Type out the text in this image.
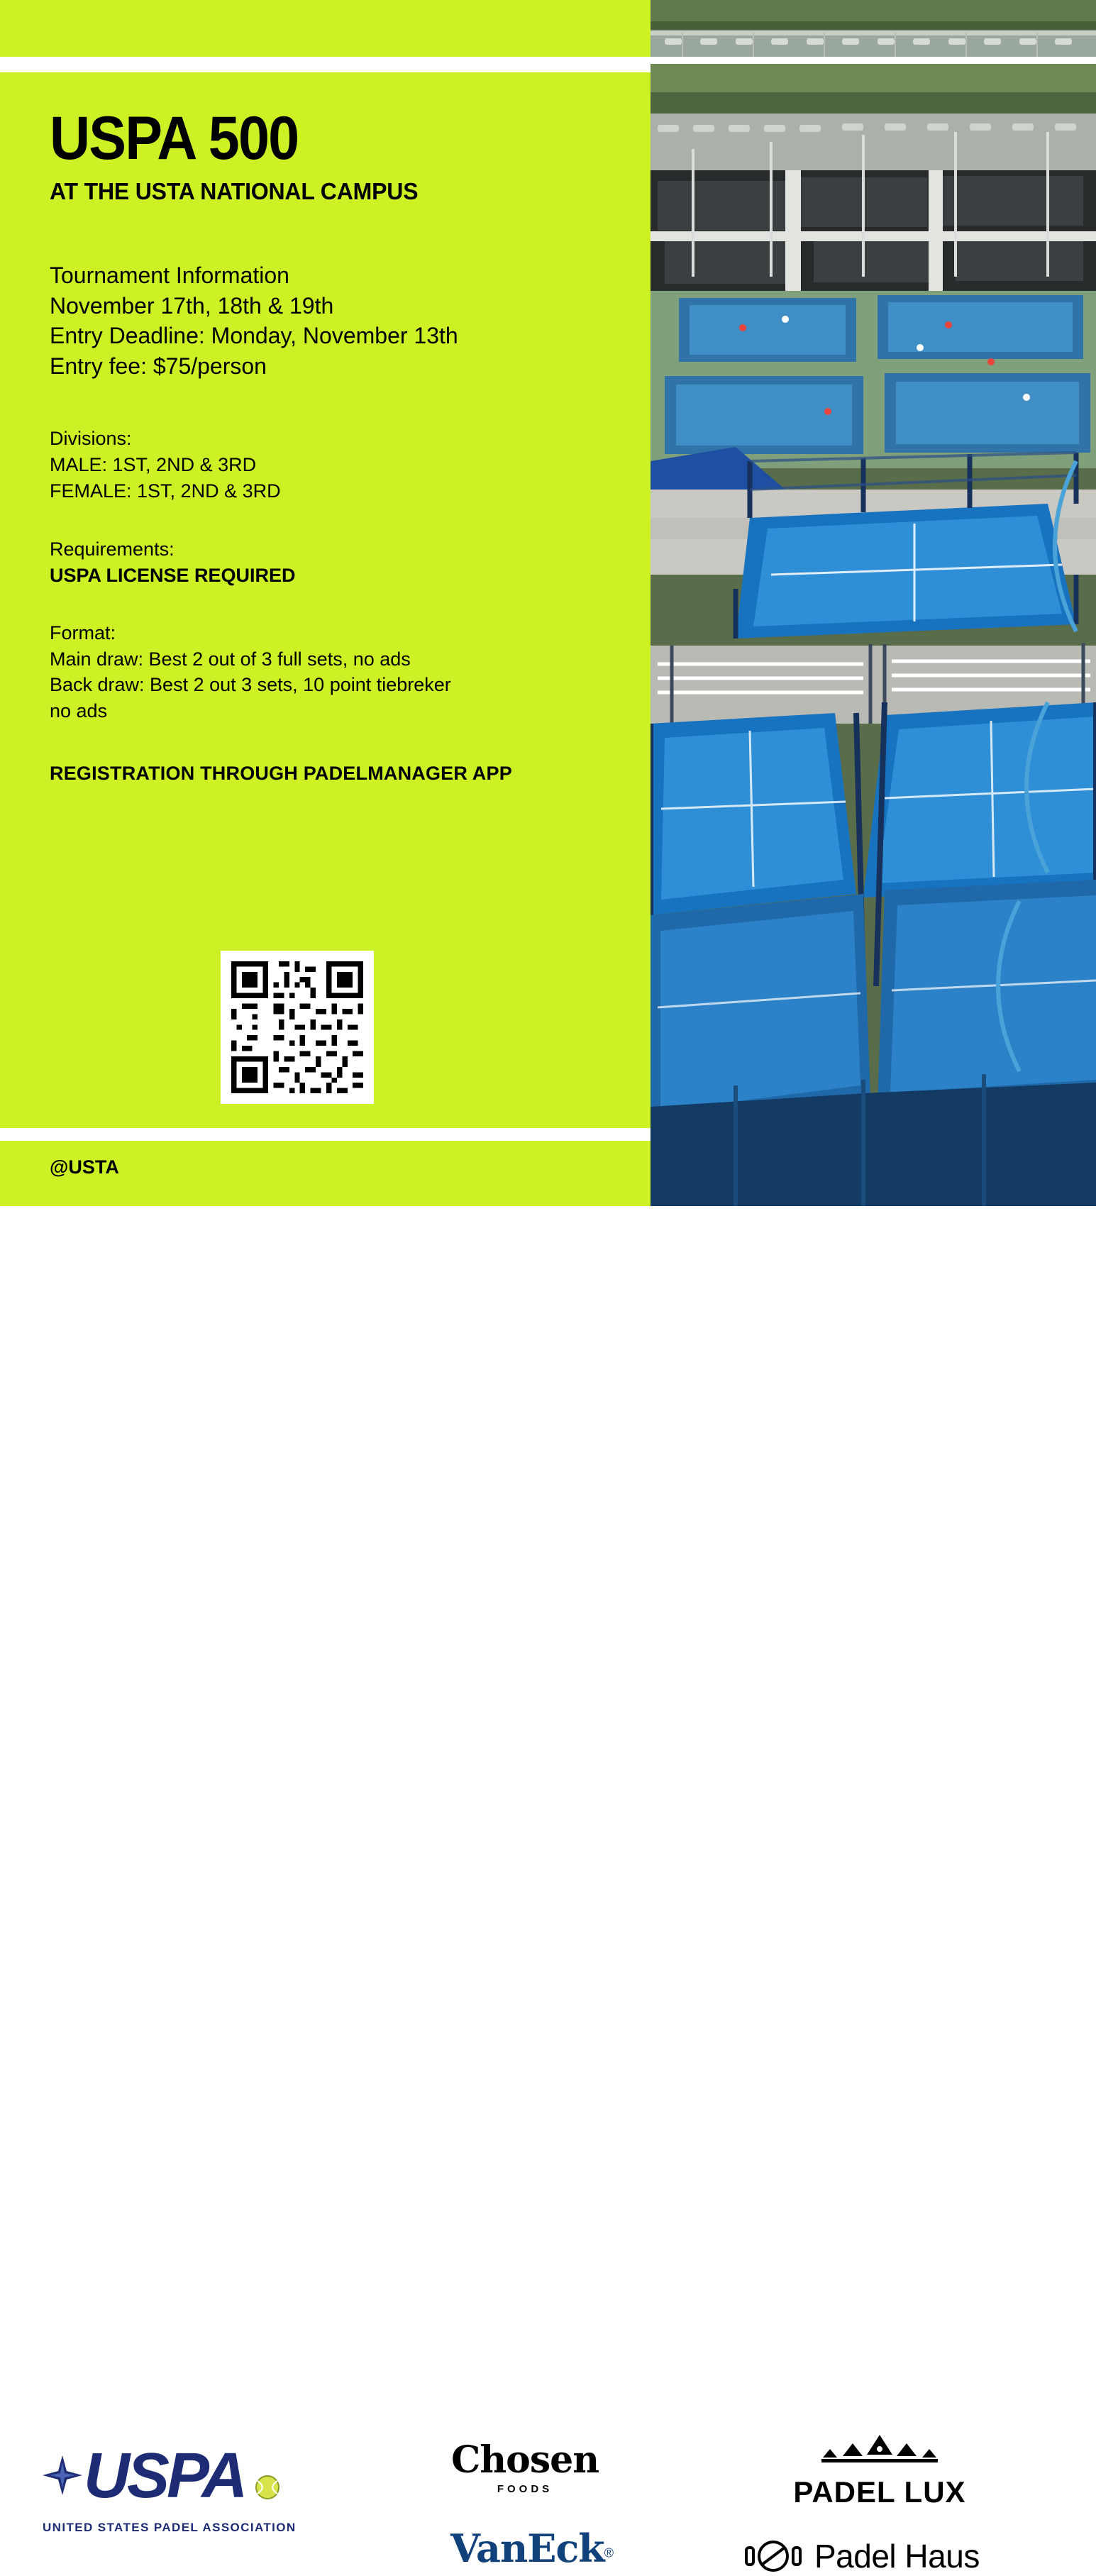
USPA 500
AT THE USTA NATIONAL CAMPUS
Tournament Information
November 17th, 18th & 19th
Entry Deadline: Monday, November 13th
Entry fee: $75/person
Divisions:
MALE: 1ST, 2ND & 3RD
FEMALE: 1ST, 2ND & 3RD
Requirements:
USPA LICENSE REQUIRED
Format:
Main draw: Best 2 out of 3 full sets, no ads
Back draw: Best 2 out 3 sets, 10 point tiebreker
no ads
REGISTRATION THROUGH PADELMANAGER APP
@USTA
USPA
UNITED STATES PADEL ASSOCIATION
Chosen
FOODS
VanEck®
PADEL LUX
Padel Haus
